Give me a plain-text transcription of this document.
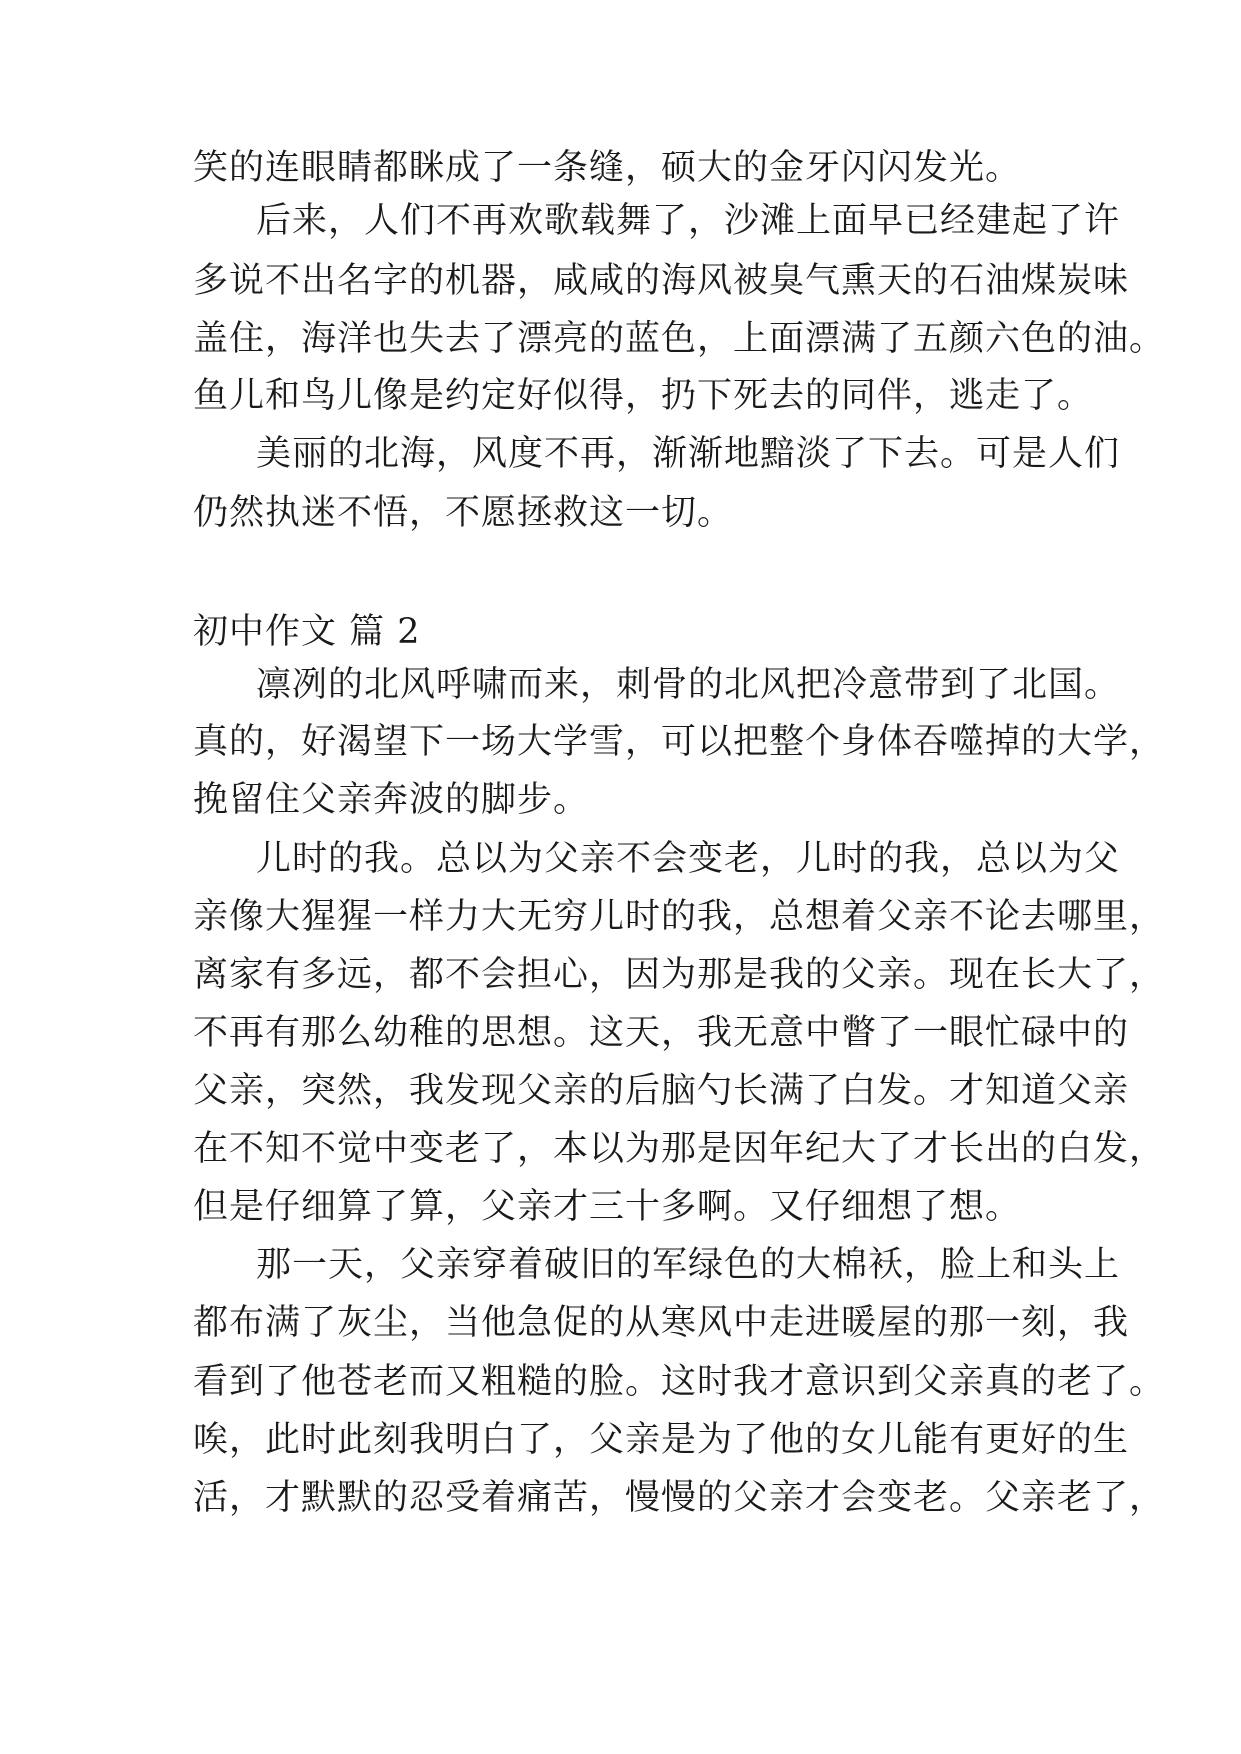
笑的连眼睛都眯成了一条缝，硕大的金牙闪闪发光。
后来，人们不再欢歌载舞了，沙滩上面早已经建起了许
多说不出名字的机器，咸咸的海风被臭气熏天的石油煤炭味
盖住，海洋也失去了漂亮的蓝色，上面漂满了五颜六色的油。
鱼儿和鸟儿像是约定好似得，扔下死去的同伴，逃走了。
美丽的北海，风度不再，渐渐地黯淡了下去。可是人们
仍然执迷不悟，不愿拯救这一切。
初中作文 篇 2
凛冽的北风呼啸而来，刺骨的北风把冷意带到了北国。
真的，好渴望下一场大学雪，可以把整个身体吞噬掉的大学，
挽留住父亲奔波的脚步。
儿时的我。总以为父亲不会变老，儿时的我，总以为父
亲像大猩猩一样力大无穷儿时的我，总想着父亲不论去哪里，
离家有多远，都不会担心，因为那是我的父亲。现在长大了，
不再有那么幼稚的思想。这天，我无意中瞥了一眼忙碌中的
父亲，突然，我发现父亲的后脑勺长满了白发。才知道父亲
在不知不觉中变老了，本以为那是因年纪大了才长出的白发，
但是仔细算了算，父亲才三十多啊。又仔细想了想。
那一天，父亲穿着破旧的军绿色的大棉袄，脸上和头上
都布满了灰尘，当他急促的从寒风中走进暖屋的那一刻，我
看到了他苍老而又粗糙的脸。这时我才意识到父亲真的老了。
唉，此时此刻我明白了，父亲是为了他的女儿能有更好的生
活，才默默的忍受着痛苦，慢慢的父亲才会变老。父亲老了，
